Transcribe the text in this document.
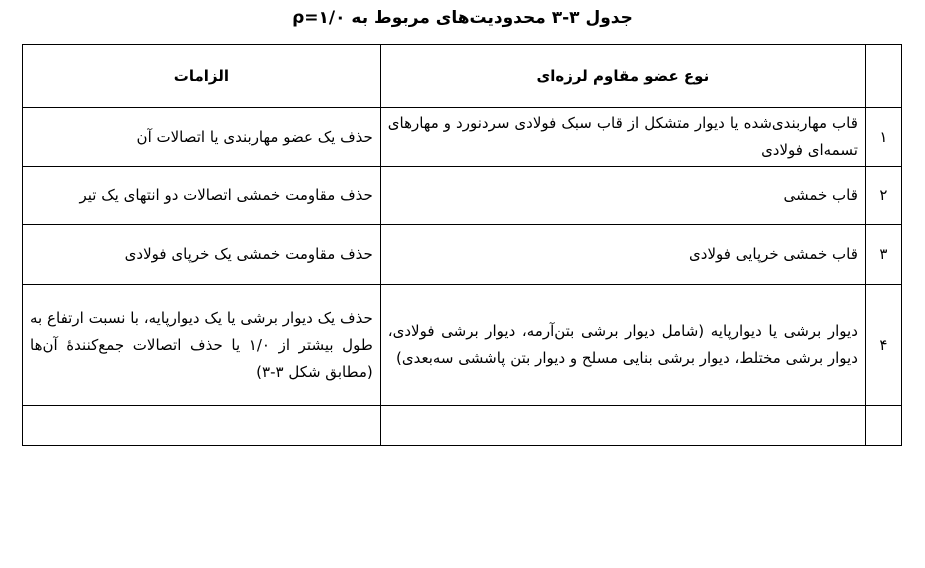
جدول ۳-۳ محدودیت‌های مربوط به ρ=۱/۰
	نوع عضو مقاوم لرزه‌ای	الزامات
۱	قاب مهاربندی‌شده یا دیوار متشکل از قاب سبک فولادی سردنورد و مهارهای تسمه‌ای فولادی	حذف یک عضو مهاربندی یا اتصالات آن
۲	قاب خمشی	حذف مقاومت خمشی اتصالات دو انتهای یک تیر
۳	قاب خمشی خرپایی فولادی	حذف مقاومت خمشی یک خرپای فولادی
۴	دیوار برشی یا دیوارپایه (شامل دیوار برشی بتن‌آرمه، دیوار برشی فولادی، دیوار برشی مختلط، دیوار برشی بنایی مسلح و دیوار بتن پاششی سه‌بعدی)	حذف یک دیوار برشی یا یک دیوارپایه، با نسبت ارتفاع به طول بیشتر از ۱/۰ یا حذف اتصالات جمع‌کنندهٔ آن‌ها (مطابق شکل ۳-۳)
